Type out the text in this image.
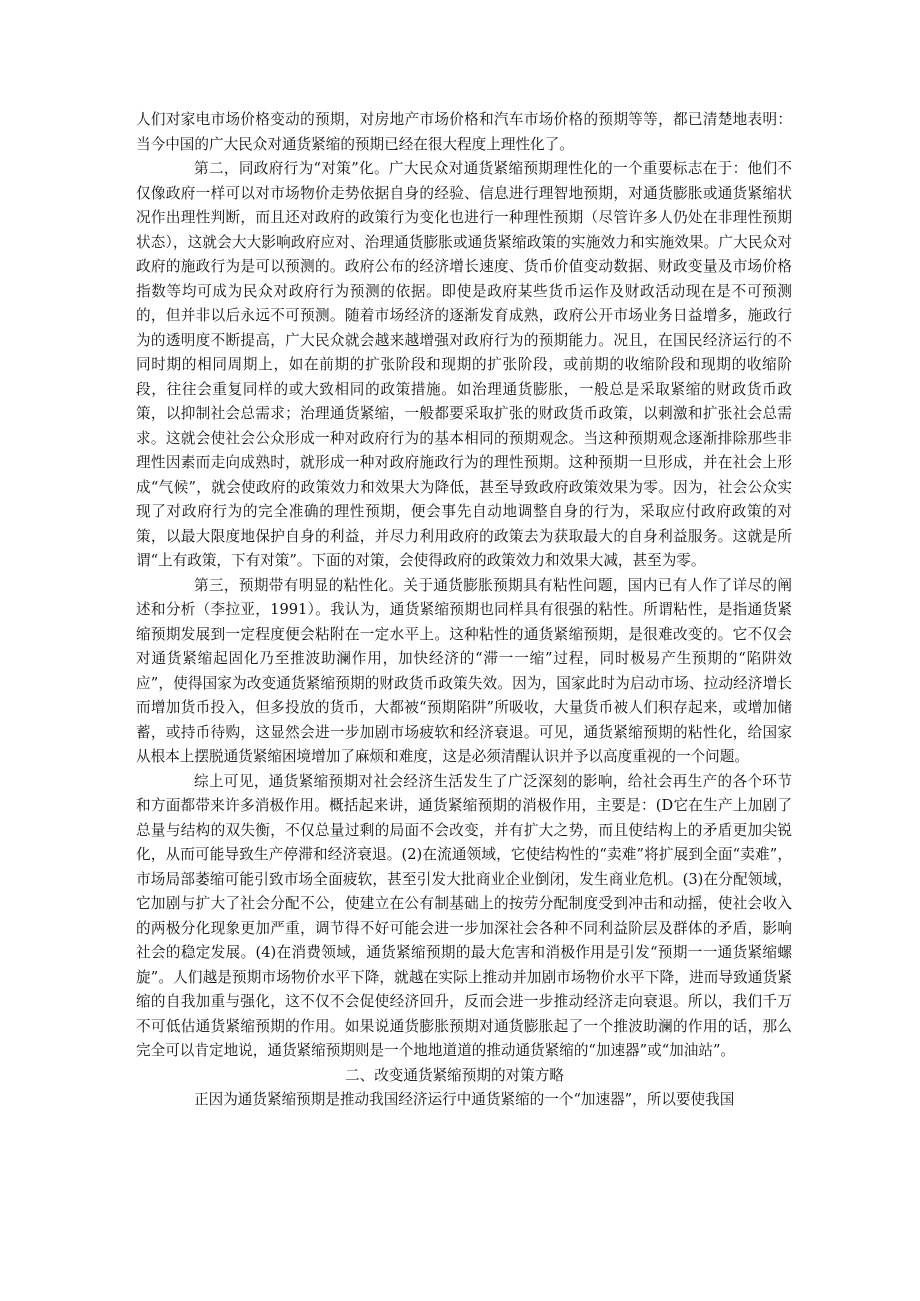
人们对家电市场价格变动的预期，对房地产市场价格和汽车市场价格的预期等等，都已清楚地表明：当今中国的广大民众对通货紧缩的预期已经在很大程度上理性化了。

第二，同政府行为“对策”化。广大民众对通货紧缩预期理性化的一个重要标志在于：他们不仅像政府一样可以对市场物价走势依据自身的经验、信息进行理智地预期，对通货膨胀或通货紧缩状况作出理性判断，而且还对政府的政策行为变化也进行一种理性预期（尽管许多人仍处在非理性预期状态），这就会大大影响政府应对、治理通货膨胀或通货紧缩政策的实施效力和实施效果。广大民众对政府的施政行为是可以预测的。政府公布的经济增长速度、货币价值变动数据、财政变量及市场价格指数等均可成为民众对政府行为预测的依据。即使是政府某些货币运作及财政活动现在是不可预测的，但并非以后永远不可预测。随着市场经济的逐渐发育成熟，政府公开市场业务日益增多，施政行为的透明度不断提高，广大民众就会越来越增强对政府行为的预期能力。况且，在国民经济运行的不同时期的相同周期上，如在前期的扩张阶段和现期的扩张阶段，或前期的收缩阶段和现期的收缩阶段，往往会重复同样的或大致相同的政策措施。如治理通货膨胀，一般总是采取紧缩的财政货币政策，以抑制社会总需求；治理通货紧缩，一般都要采取扩张的财政货币政策，以刺激和扩张社会总需求。这就会使社会公众形成一种对政府行为的基本相同的预期观念。当这种预期观念逐渐排除那些非理性因素而走向成熟时，就形成一种对政府施政行为的理性预期。这种预期一旦形成，并在社会上形成“气候”，就会使政府的政策效力和效果大为降低，甚至导致政府政策效果为零。因为，社会公众实现了对政府行为的完全准确的理性预期，便会事先自动地调整自身的行为，采取应付政府政策的对策，以最大限度地保护自身的利益，并尽力利用政府的政策去为获取最大的自身利益服务。这就是所谓“上有政策，下有对策”。下面的对策，会使得政府的政策效力和效果大减，甚至为零。

第三，预期带有明显的粘性化。关于通货膨胀预期具有粘性问题，国内已有人作了详尽的阐述和分析（李拉亚，1991）。我认为，通货紧缩预期也同样具有很强的粘性。所谓粘性，是指通货紧缩预期发展到一定程度便会粘附在一定水平上。这种粘性的通货紧缩预期，是很难改变的。它不仅会对通货紧缩起固化乃至推波助澜作用，加快经济的“滞一一缩”过程，同时极易产生预期的“陷阱效应”，使得国家为改变通货紧缩预期的财政货币政策失效。因为，国家此时为启动市场、拉动经济增长而增加货币投入，但多投放的货币，大都被“预期陷阱”所吸收，大量货币被人们积存起来，或增加储蓄，或持币待购，这显然会进一步加剧市场疲软和经济衰退。可见，通货紧缩预期的粘性化，给国家从根本上摆脱通货紧缩困境增加了麻烦和难度，这是必须清醒认识并予以高度重视的一个问题。

综上可见，通货紧缩预期对社会经济生活发生了广泛深刻的影响，给社会再生产的各个环节和方面都带来许多消极作用。概括起来讲，通货紧缩预期的消极作用，主要是：(D它在生产上加剧了总量与结构的双失衡，不仅总量过剩的局面不会改变，并有扩大之势，而且使结构上的矛盾更加尖锐化，从而可能导致生产停滞和经济衰退。(2)在流通领域，它使结构性的“卖难”将扩展到全面“卖难”，市场局部萎缩可能引致市场全面疲软，甚至引发大批商业企业倒闭，发生商业危机。(3)在分配领域，它加剧与扩大了社会分配不公，使建立在公有制基础上的按劳分配制度受到冲击和动摇，使社会收入的两极分化现象更加严重，调节得不好可能会进一步加深社会各种不同利益阶层及群体的矛盾，影响社会的稳定发展。(4)在消费领域，通货紧缩预期的最大危害和消极作用是引发“预期一一通货紧缩螺旋”。人们越是预期市场物价水平下降，就越在实际上推动并加剧市场物价水平下降，进而导致通货紧缩的自我加重与强化，这不仅不会促使经济回升，反而会进一步推动经济走向衰退。所以，我们千万不可低估通货紧缩预期的作用。如果说通货膨胀预期对通货膨胀起了一个推波助澜的作用的话，那么完全可以肯定地说，通货紧缩预期则是一个地地道道的推动通货紧缩的“加速器”或“加油站”。

二、改变通货紧缩预期的对策方略

正因为通货紧缩预期是推动我国经济运行中通货紧缩的一个“加速器”，所以要使我国
